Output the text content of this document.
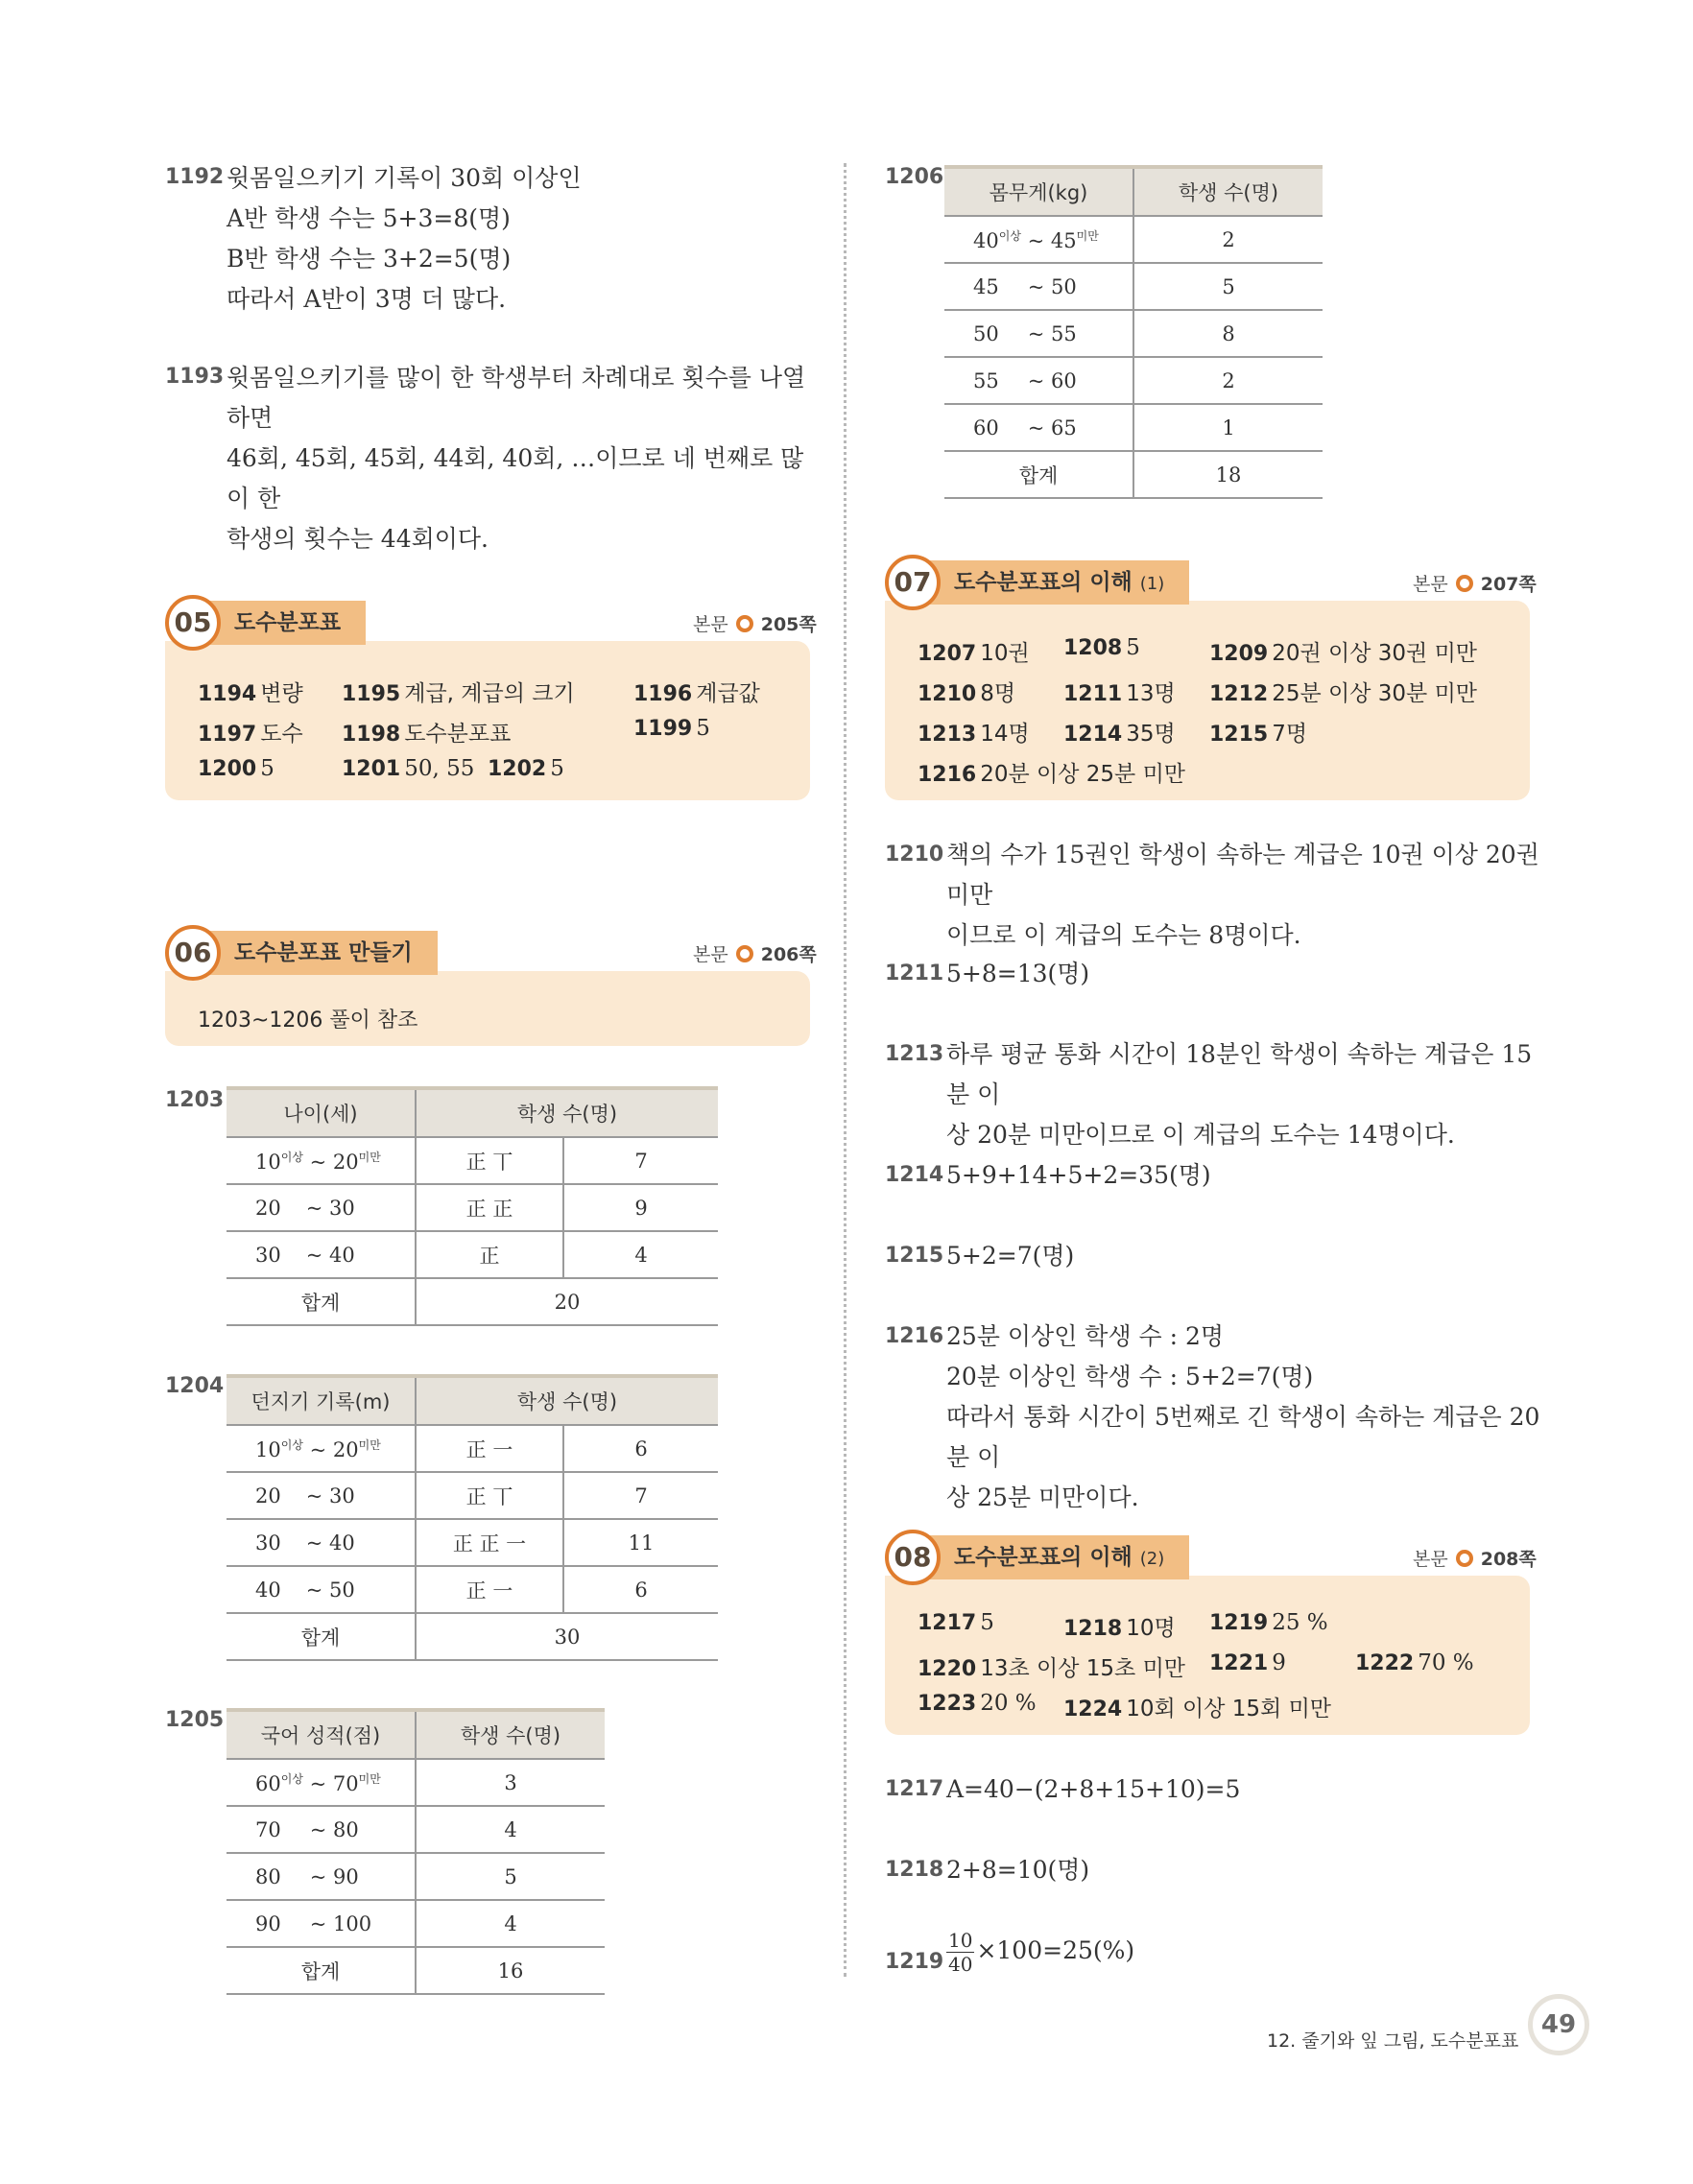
1192 윗몸일으키기 기록이 30회 이상인
A반 학생 수는 5+3=8(명)
B반 학생 수는 3+2=5(명)
따라서 A반이 3명 더 많다.
1193 윗몸일으키기를 많이 한 학생부터 차례대로 횟수를 나열하면
46회, 45회, 45회, 44회, 40회, …이므로 네 번째로 많이 한
학생의 횟수는 44회이다.
05	도수분포표	본문 205쪽
1194 변량 1195 계급, 계급의 크기	1196 계급값
1197 도수 1198 도수분포표	1199 5
1200 5	1201 50, 55 1202 5
06	도수분포표 만들기	본문 206쪽
1203~1206 풀이 참조
1203
나이(세)	학생 수(명)	
$10^{이상}$ ~ $20^{미만}$	正 丅	7
20 ~ 30	正 正	9
30 ~ 40	正	4
합계	20	
1204
던지기 기록(m)	학생 수(명)	
$10^{이상}$ ~ $20^{미만}$	正 一	6
20 ~ 30	正 丅	7
30 ~ 40	正 正 一	11
40 ~ 50	正 一	6
합계	30	
1205
국어 성적(점)	학생 수(명)
$60^{이상}$ ~ $70^{미만}$	3
70 ~ 80	4
80 ~ 90	5
90 ~ 100	4
합계	16
1206
몸무게(kg)	학생 수(명)
$40^{이상}$ ~ $45^{미만}$	2
45 ~ 50	5
50 ~ 55	8
55 ~ 60	2
60 ~ 65	1
합계	18
07	도수분포표의 이해 (1)	본문 207쪽
1207 10권 1208 5	1209 20권 이상 30권 미만
1210 8명 1211 13명 1212 25분 이상 30분 미만
1213 14명 1214 35명 1215 7명
1216 20분 이상 25분 미만
1210 책의 수가 15권인 학생이 속하는 계급은 10권 이상 20권 미만
이므로 이 계급의 도수는 8명이다.
1211 5+8=13(명)
1213 하루 평균 통화 시간이 18분인 학생이 속하는 계급은 15분 이
상 20분 미만이므로 이 계급의 도수는 14명이다.
1214 5+9+14+5+2=35(명)
1215 5+2=7(명)
1216 25분 이상인 학생 수 : 2명
20분 이상인 학생 수 : 5+2=7(명)
따라서 통화 시간이 5번째로 긴 학생이 속하는 계급은 20분 이
상 25분 미만이다.
08	도수분포표의 이해 (2)	본문 208쪽
1217 5	1218 10명 1219 25 %
1220 13초 이상 15초 미만 1221 9	1222 70 %
1223 20 % 1224 10회 이상 15회 미만
1217 A=40−(2+8+15+10)=5
1218 2+8=10(명)
$1219 \frac{10}{40} \times 100=25(\%)$
12. 줄기와 잎 그림, 도수분포표
49
